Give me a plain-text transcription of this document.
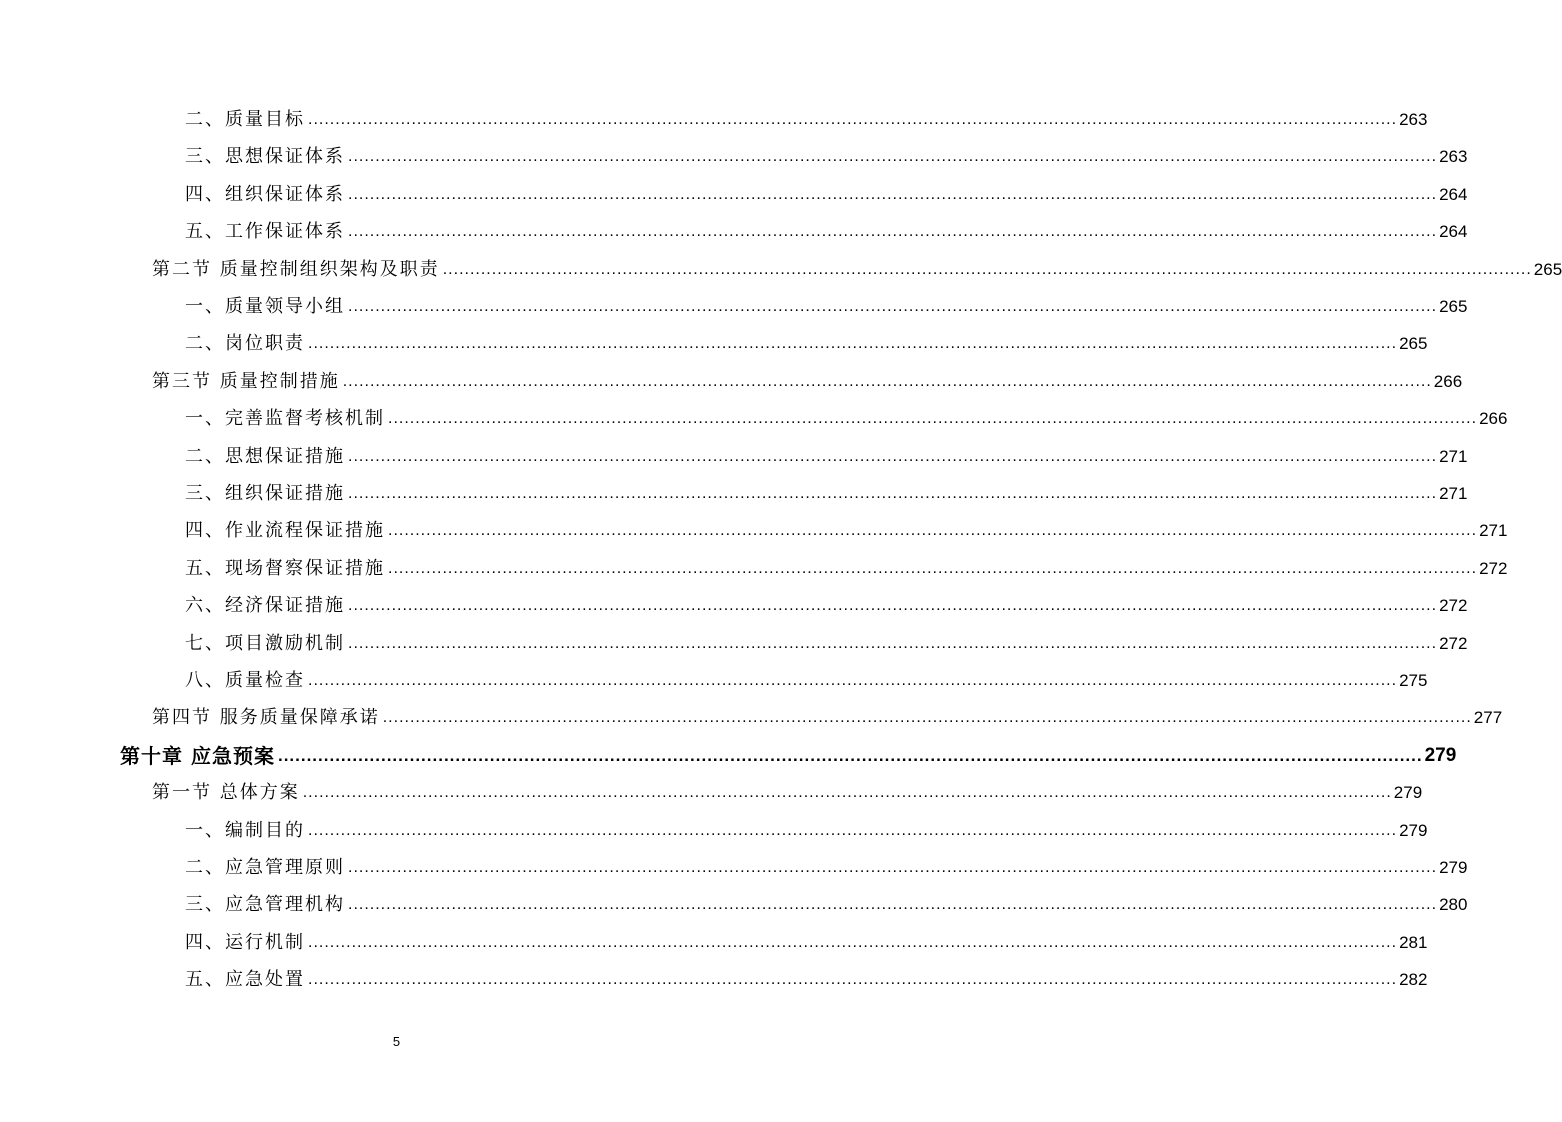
二、质量目标 ........................................................................................................................................................................................................ 263
三、思想保证体系 ........................................................................................................................................................................................................ 263
四、组织保证体系 ........................................................................................................................................................................................................ 264
五、工作保证体系 ........................................................................................................................................................................................................ 264
第二节 质量控制组织架构及职责 ........................................................................................................................................................................................................ 265
一、质量领导小组 ........................................................................................................................................................................................................ 265
二、岗位职责 ........................................................................................................................................................................................................ 265
第三节 质量控制措施 ........................................................................................................................................................................................................ 266
一、完善监督考核机制 ........................................................................................................................................................................................................ 266
二、思想保证措施 ........................................................................................................................................................................................................ 271
三、组织保证措施 ........................................................................................................................................................................................................ 271
四、作业流程保证措施 ........................................................................................................................................................................................................ 271
五、现场督察保证措施 ........................................................................................................................................................................................................ 272
六、经济保证措施 ........................................................................................................................................................................................................ 272
七、项目激励机制 ........................................................................................................................................................................................................ 272
八、质量检查 ........................................................................................................................................................................................................ 275
第四节 服务质量保障承诺 ........................................................................................................................................................................................................ 277
第十章 应急预案 ........................................................................................................................................................................................................ 279
第一节 总体方案 ........................................................................................................................................................................................................ 279
一、编制目的 ........................................................................................................................................................................................................ 279
二、应急管理原则 ........................................................................................................................................................................................................ 279
三、应急管理机构 ........................................................................................................................................................................................................ 280
四、运行机制 ........................................................................................................................................................................................................ 281
五、应急处置 ........................................................................................................................................................................................................ 282
5
